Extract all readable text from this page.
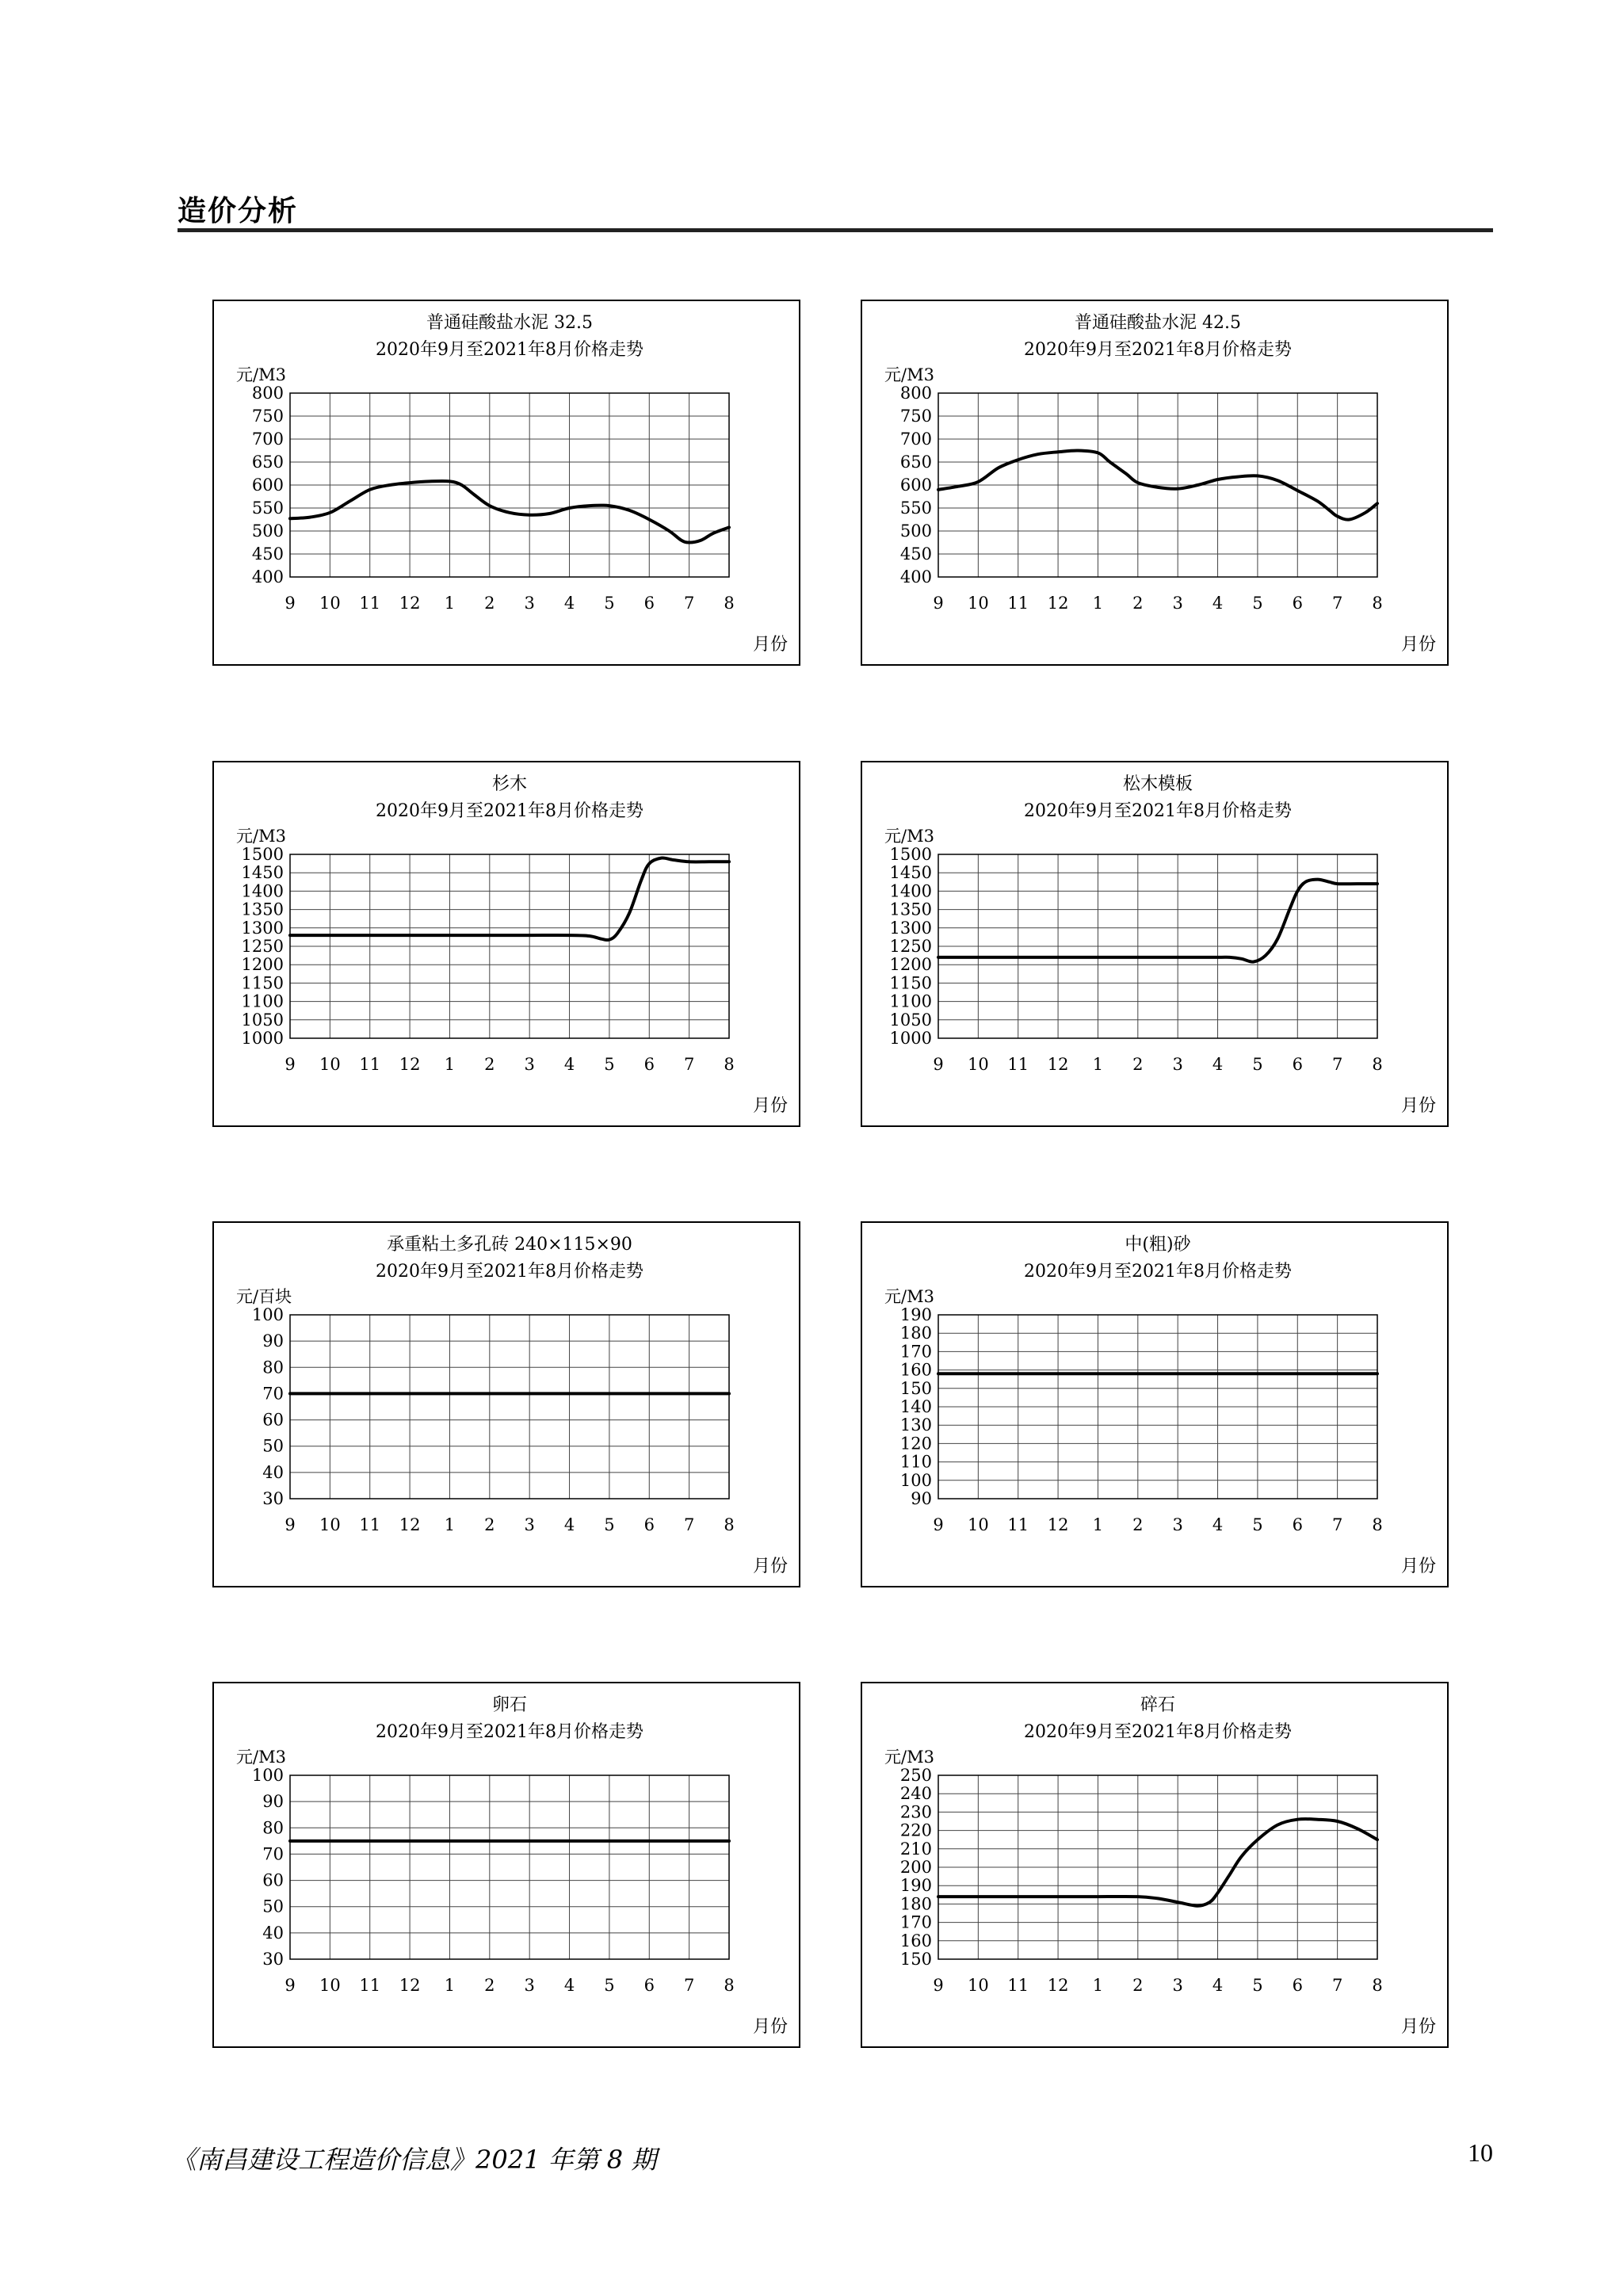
造价分析
普通硅酸盐水泥 32.5
2020年9月至2021年8月价格走势
元/M3
月份
800
750
700
650
600
550
500
450
400
9 10 11 12 1 2 3 4 5 6 7 8
普通硅酸盐水泥 42.5
2020年9月至2021年8月价格走势
元/M3
月份
800
750
700
650
600
550
500
450
400
9 10 11 12 1 2 3 4 5 6 7 8
杉木
2020年9月至2021年8月价格走势
元/M3
月份
1500
1450
1400
1350
1300
1250
1200
1150
1100
1050
1000
9 10 11 12 1 2 3 4 5 6 7 8
松木模板
2020年9月至2021年8月价格走势
元/M3
月份
1500
1450
1400
1350
1300
1250
1200
1150
1100
1050
1000
9 10 11 12 1 2 3 4 5 6 7 8
承重粘土多孔砖 240×115×90
2020年9月至2021年8月价格走势
元/百块
月份
100
90
80
70
60
50
40
30
9 10 11 12 1 2 3 4 5 6 7 8
中(粗)砂
2020年9月至2021年8月价格走势
元/M3
月份
190
180
170
160
150
140
130
120
110
100
90
9 10 11 12 1 2 3 4 5 6 7 8
卵石
2020年9月至2021年8月价格走势
元/M3
月份
100
90
80
70
60
50
40
30
9 10 11 12 1 2 3 4 5 6 7 8
碎石
2020年9月至2021年8月价格走势
元/M3
月份
250
240
230
220
210
200
190
180
170
160
150
9 10 11 12 1 2 3 4 5 6 7 8
《南昌建设工程造价信息》2021 年第 8 期	10
